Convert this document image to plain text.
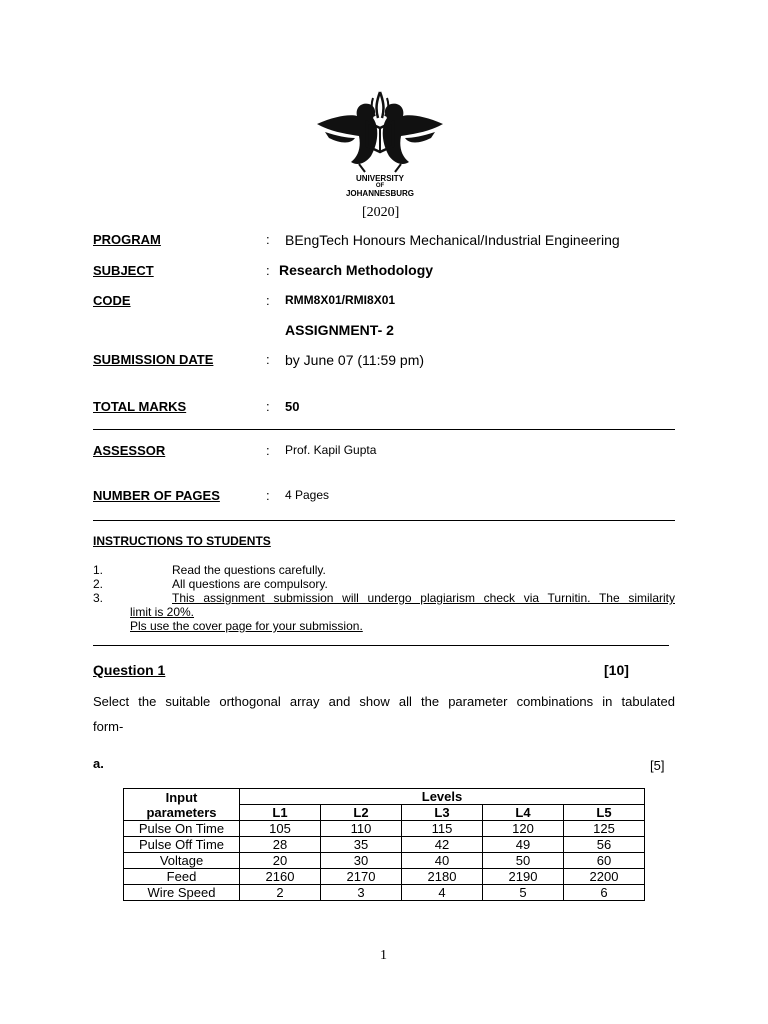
UNIVERSITY
OF
JOHANNESBURG
[2020]
PROGRAM	: BEngTech Honours Mechanical/Industrial Engineering
SUBJECT	: Research Methodology
CODE	: RMM8X01/RMI8X01
ASSIGNMENT- 2
SUBMISSION DATE	: by June 07 (11:59 pm)
TOTAL MARKS	: 50
ASSESSOR	: Prof. Kapil Gupta
NUMBER OF PAGES	: 4 Pages
INSTRUCTIONS TO STUDENTS
1.	Read the questions carefully.
2.	All questions are compulsory.
3.	This assignment submission will undergo plagiarism check via Turnitin. The similarity
limit is 20%.
Pls use the cover page for your submission.
Question 1	[10]
Select the suitable orthogonal array and show all the parameter combinations in tabulated
form-
a.	[5]
Input
parameters	Levels				
	L1	L2	L3	L4	L5
Pulse On Time	105	110	115	120	125
Pulse Off Time	28	35	42	49	56
Voltage	20	30	40	50	60
Feed	2160	2170	2180	2190	2200
Wire Speed	2	3	4	5	6
1
